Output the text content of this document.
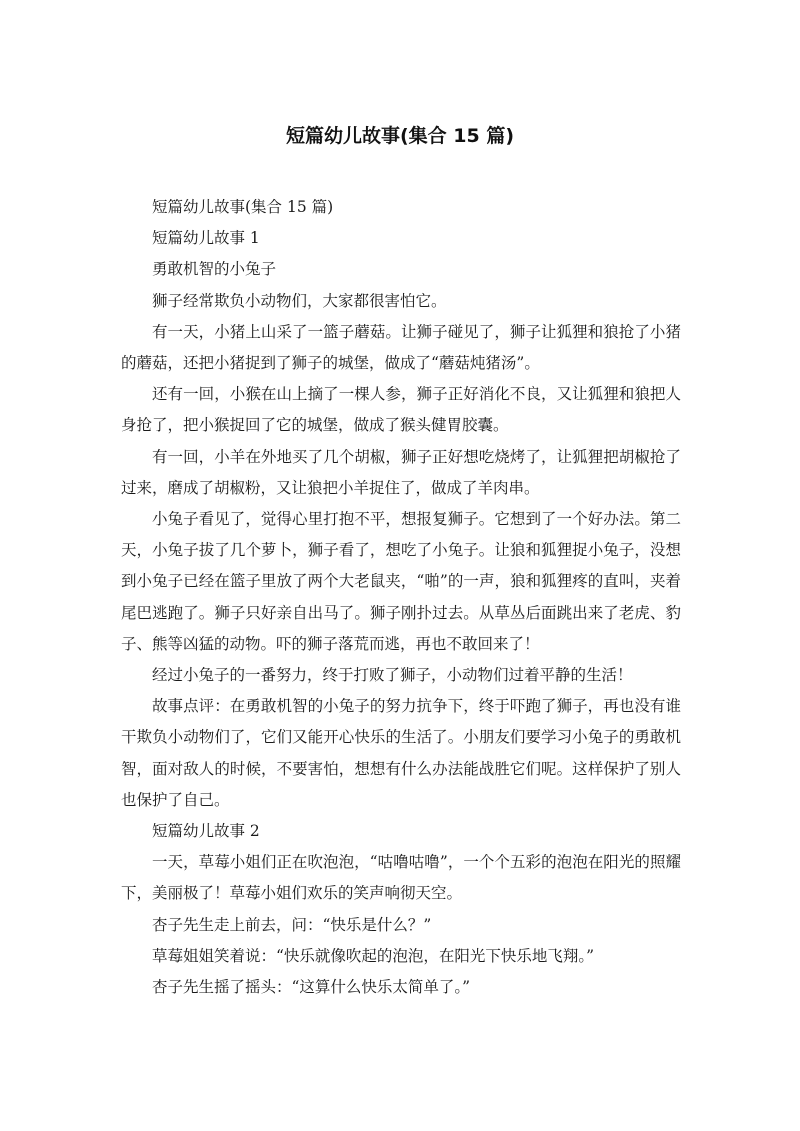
短篇幼儿故事(集合 15 篇)

短篇幼儿故事(集合 15 篇)

短篇幼儿故事 1

勇敢机智的小兔子

狮子经常欺负小动物们，大家都很害怕它。

有一天，小猪上山采了一篮子蘑菇。让狮子碰见了，狮子让狐狸和狼抢了小猪的蘑菇，还把小猪捉到了狮子的城堡，做成了“蘑菇炖猪汤”。

还有一回，小猴在山上摘了一棵人参，狮子正好消化不良，又让狐狸和狼把人身抢了，把小猴捉回了它的城堡，做成了猴头健胃胶囊。

有一回，小羊在外地买了几个胡椒，狮子正好想吃烧烤了，让狐狸把胡椒抢了过来，磨成了胡椒粉，又让狼把小羊捉住了，做成了羊肉串。

小兔子看见了，觉得心里打抱不平，想报复狮子。它想到了一个好办法。第二天，小兔子拔了几个萝卜，狮子看了，想吃了小兔子。让狼和狐狸捉小兔子，没想到小兔子已经在篮子里放了两个大老鼠夹，“啪”的一声，狼和狐狸疼的直叫，夹着尾巴逃跑了。狮子只好亲自出马了。狮子刚扑过去。从草丛后面跳出来了老虎、豹子、熊等凶猛的动物。吓的狮子落荒而逃，再也不敢回来了！

经过小兔子的一番努力，终于打败了狮子，小动物们过着平静的生活！

故事点评：在勇敢机智的小兔子的努力抗争下，终于吓跑了狮子，再也没有谁干欺负小动物们了，它们又能开心快乐的生活了。小朋友们要学习小兔子的勇敢机智，面对敌人的时候，不要害怕，想想有什么办法能战胜它们呢。这样保护了别人也保护了自己。

短篇幼儿故事 2

一天，草莓小姐们正在吹泡泡，“咕噜咕噜”，一个个五彩的泡泡在阳光的照耀下，美丽极了！草莓小姐们欢乐的笑声响彻天空。

杏子先生走上前去，问：“快乐是什么？”

草莓姐姐笑着说：“快乐就像吹起的泡泡，在阳光下快乐地飞翔。”

杏子先生摇了摇头：“这算什么快乐太简单了。”
